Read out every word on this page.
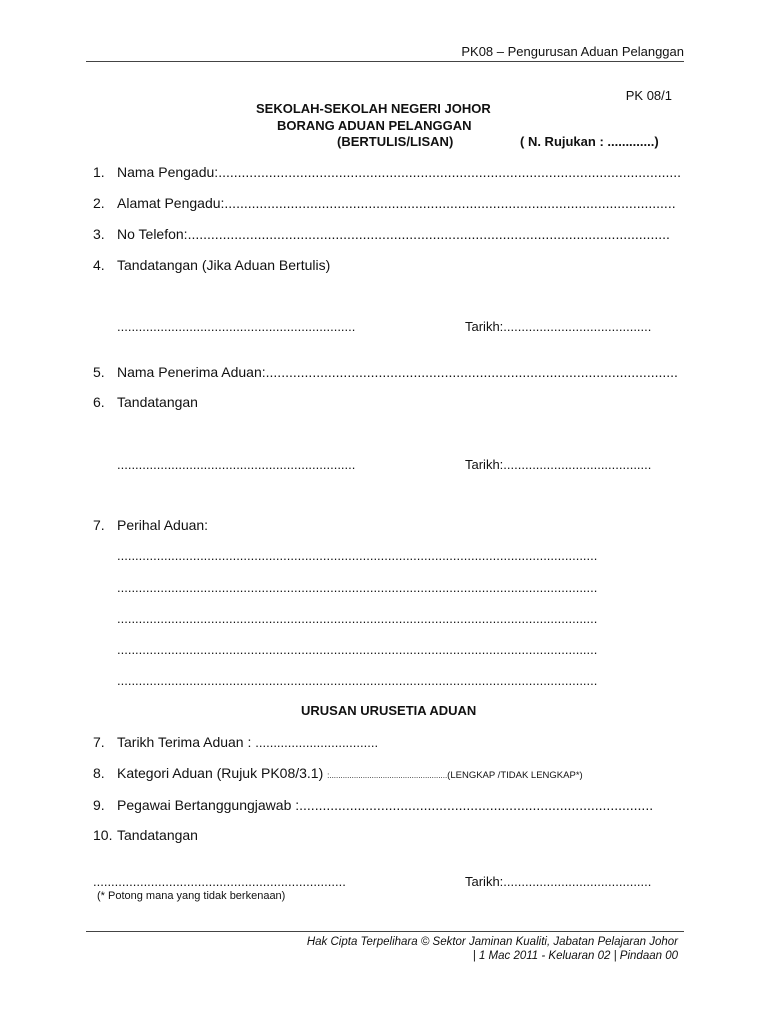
PK08 – Pengurusan Aduan Pelanggan
PK 08/1
SEKOLAH-SEKOLAH NEGERI JOHOR
BORANG ADUAN PELANGGAN
(BERTULIS/LISAN)	( N. Rujukan : .............)
1. Nama Pengadu:.......................................................................................................................
2. Alamat Pengadu:....................................................................................................................
3. No Telefon:............................................................................................................................
4. Tandatangan (Jika Aduan Bertulis)
..................................................................	Tarikh:.........................................
5. Nama Penerima Aduan:..........................................................................................................
6. Tandatangan
..................................................................	Tarikh:.........................................
7. Perihal Aduan:
.....................................................................................................................................
.....................................................................................................................................
.....................................................................................................................................
.....................................................................................................................................
.....................................................................................................................................
URUSAN URUSETIA ADUAN
7. Tarikh Terima Aduan : ..................................
8. Kategori Aduan (Rujuk PK08/3.1) :.....................................................(LENGKAP /TIDAK LENGKAP*)
9. Pegawai Bertanggungjawab :...........................................................................................
10. Tandatangan
......................................................................	Tarikh:.........................................
(* Potong mana yang tidak berkenaan)
Hak Cipta Terpelihara © Sektor Jaminan Kualiti, Jabatan Pelajaran Johor
| 1 Mac 2011 - Keluaran 02 | Pindaan 00
